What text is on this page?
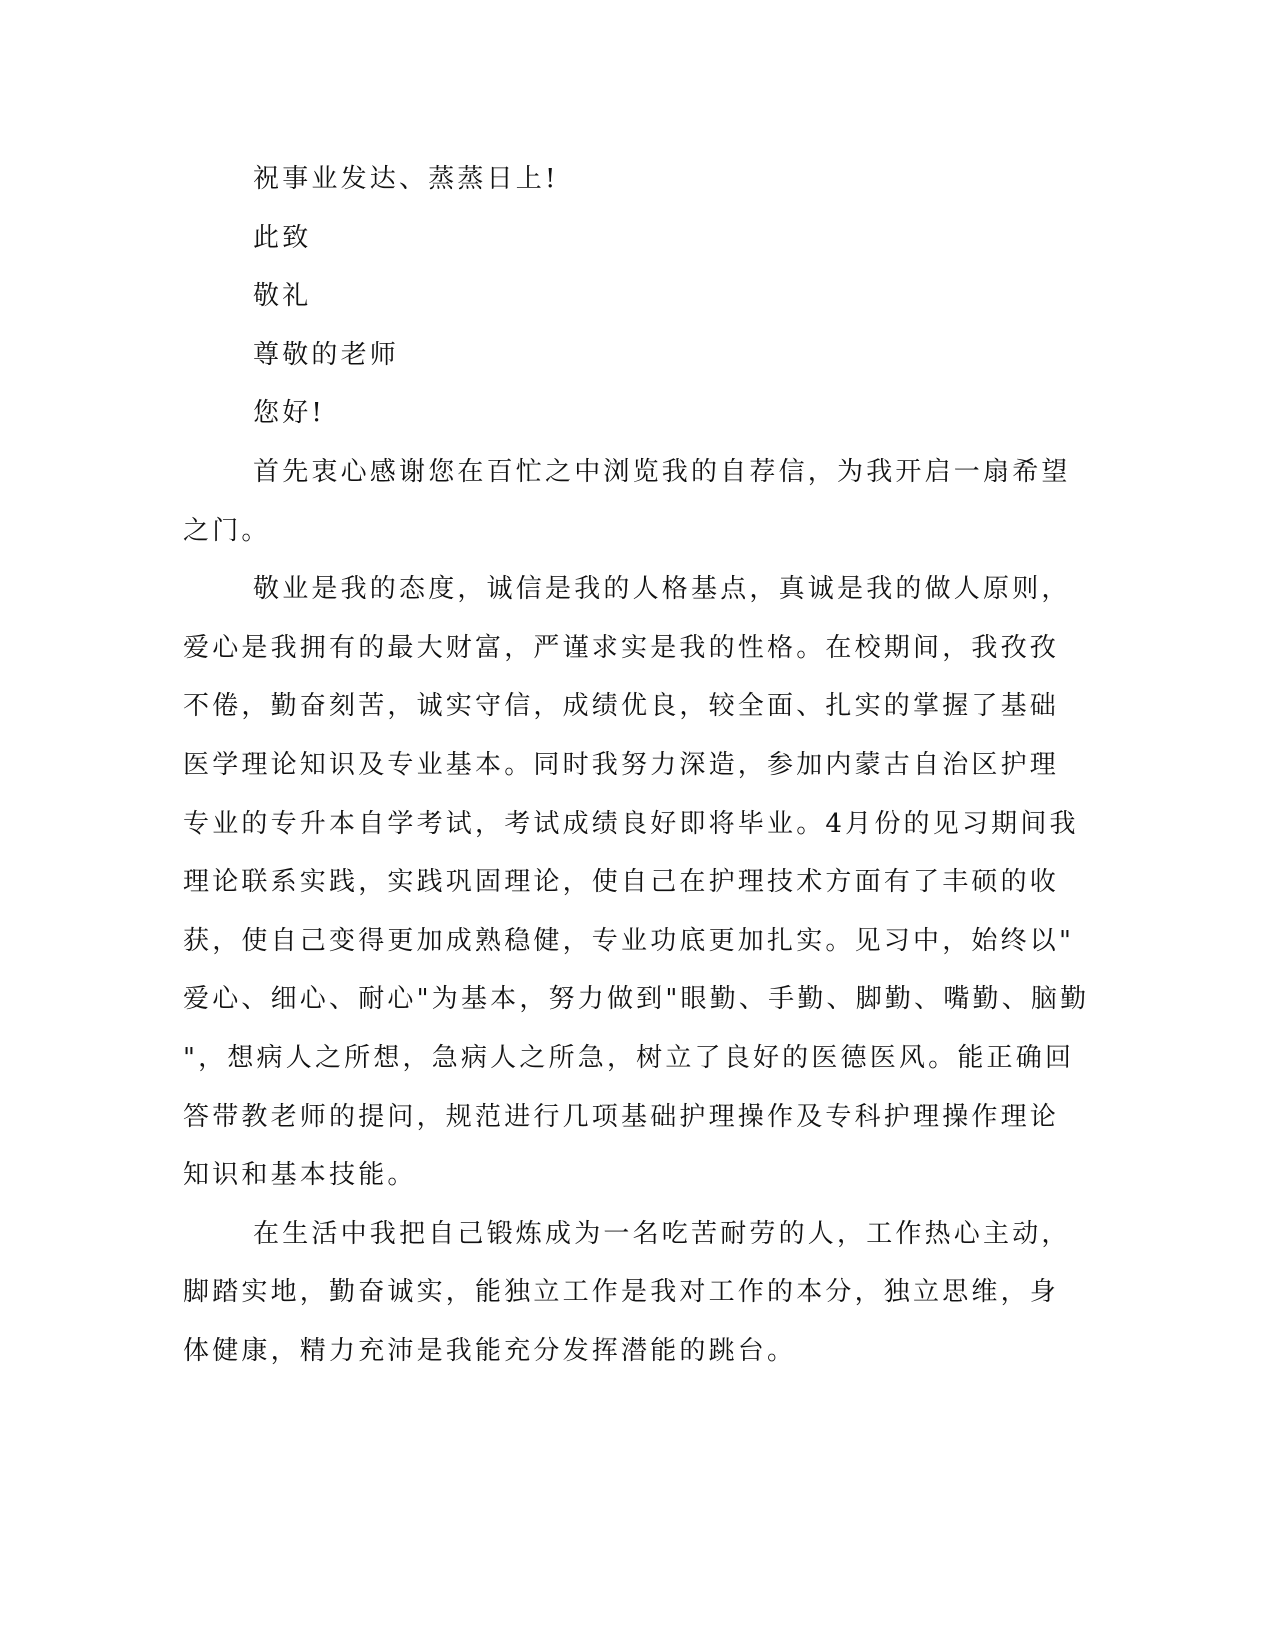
祝事业发达、蒸蒸日上!
此致
敬礼
尊敬的老师
您好!
首先衷心感谢您在百忙之中浏览我的自荐信，为我开启一扇希望
之门。
敬业是我的态度，诚信是我的人格基点，真诚是我的做人原则，
爱心是我拥有的最大财富，严谨求实是我的性格。在校期间，我孜孜
不倦，勤奋刻苦，诚实守信，成绩优良，较全面、扎实的掌握了基础
医学理论知识及专业基本。同时我努力深造，参加内蒙古自治区护理
专业的专升本自学考试，考试成绩良好即将毕业。4月份的见习期间我
理论联系实践，实践巩固理论，使自己在护理技术方面有了丰硕的收
获，使自己变得更加成熟稳健，专业功底更加扎实。见习中，始终以"
爱心、细心、耐心"为基本，努力做到"眼勤、手勤、脚勤、嘴勤、脑勤
"，想病人之所想，急病人之所急，树立了良好的医德医风。能正确回
答带教老师的提问，规范进行几项基础护理操作及专科护理操作理论
知识和基本技能。
在生活中我把自己锻炼成为一名吃苦耐劳的人，工作热心主动，
脚踏实地，勤奋诚实，能独立工作是我对工作的本分，独立思维，身
体健康，精力充沛是我能充分发挥潜能的跳台。
